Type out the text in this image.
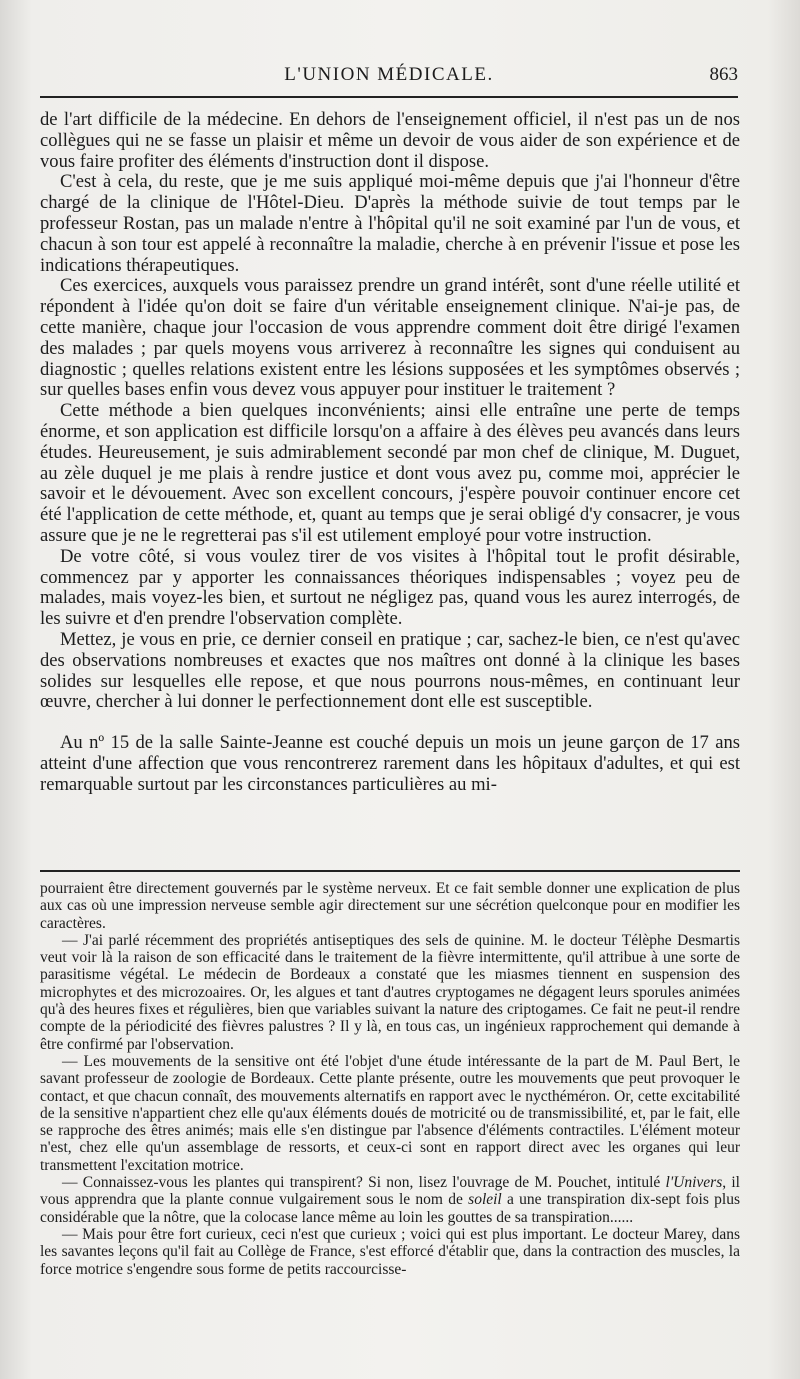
L'UNION MÉDICALE.	863

de l'art difficile de la médecine. En dehors de l'enseignement officiel, il n'est pas un de nos collègues qui ne se fasse un plaisir et même un devoir de vous aider de son expérience et de vous faire profiter des éléments d'instruction dont il dispose.

C'est à cela, du reste, que je me suis appliqué moi-même depuis que j'ai l'honneur d'être chargé de la clinique de l'Hôtel-Dieu. D'après la méthode suivie de tout temps par le professeur Rostan, pas un malade n'entre à l'hôpital qu'il ne soit examiné par l'un de vous, et chacun à son tour est appelé à reconnaître la maladie, cherche à en prévenir l'issue et pose les indications thérapeutiques.

Ces exercices, auxquels vous paraissez prendre un grand intérêt, sont d'une réelle utilité et répondent à l'idée qu'on doit se faire d'un véritable enseignement clinique. N'ai-je pas, de cette manière, chaque jour l'occasion de vous apprendre comment doit être dirigé l'examen des malades ; par quels moyens vous arriverez à reconnaître les signes qui conduisent au diagnostic ; quelles relations existent entre les lésions supposées et les symptômes observés ; sur quelles bases enfin vous devez vous appuyer pour instituer le traitement ?

Cette méthode a bien quelques inconvénients; ainsi elle entraîne une perte de temps énorme, et son application est difficile lorsqu'on a affaire à des élèves peu avancés dans leurs études. Heureusement, je suis admirablement secondé par mon chef de clinique, M. Duguet, au zèle duquel je me plais à rendre justice et dont vous avez pu, comme moi, apprécier le savoir et le dévouement. Avec son excellent concours, j'espère pouvoir continuer encore cet été l'application de cette méthode, et, quant au temps que je serai obligé d'y consacrer, je vous assure que je ne le regretterai pas s'il est utilement employé pour votre instruction.

De votre côté, si vous voulez tirer de vos visites à l'hôpital tout le profit désirable, commencez par y apporter les connaissances théoriques indispensables ; voyez peu de malades, mais voyez-les bien, et surtout ne négligez pas, quand vous les aurez interrogés, de les suivre et d'en prendre l'observation complète.

Mettez, je vous en prie, ce dernier conseil en pratique ; car, sachez-le bien, ce n'est qu'avec des observations nombreuses et exactes que nos maîtres ont donné à la clinique les bases solides sur lesquelles elle repose, et que nous pourrons nous-mêmes, en continuant leur œuvre, chercher à lui donner le perfectionnement dont elle est susceptible.

Au nº 15 de la salle Sainte-Jeanne est couché depuis un mois un jeune garçon de 17 ans atteint d'une affection que vous rencontrerez rarement dans les hôpitaux d'adultes, et qui est remarquable surtout par les circonstances particulières au mi-

pourraient être directement gouvernés par le système nerveux. Et ce fait semble donner une explication de plus aux cas où une impression nerveuse semble agir directement sur une sécrétion quelconque pour en modifier les caractères.

— J'ai parlé récemment des propriétés antiseptiques des sels de quinine. M. le docteur Télèphe Desmartis veut voir là la raison de son efficacité dans le traitement de la fièvre intermittente, qu'il attribue à une sorte de parasitisme végétal. Le médecin de Bordeaux a constaté que les miasmes tiennent en suspension des microphytes et des microzoaires. Or, les algues et tant d'autres cryptogames ne dégagent leurs sporules animées qu'à des heures fixes et régulières, bien que variables suivant la nature des criptogames. Ce fait ne peut-il rendre compte de la périodicité des fièvres palustres ? Il y là, en tous cas, un ingénieux rapprochement qui demande à être confirmé par l'observation.

— Les mouvements de la sensitive ont été l'objet d'une étude intéressante de la part de M. Paul Bert, le savant professeur de zoologie de Bordeaux. Cette plante présente, outre les mouvements que peut provoquer le contact, et que chacun connaît, des mouvements alternatifs en rapport avec le nycthéméron. Or, cette excitabilité de la sensitive n'appartient chez elle qu'aux éléments doués de motricité ou de transmissibilité, et, par le fait, elle se rapproche des êtres animés; mais elle s'en distingue par l'absence d'éléments contractiles. L'élément moteur n'est, chez elle qu'un assemblage de ressorts, et ceux-ci sont en rapport direct avec les organes qui leur transmettent l'excitation motrice.

— Connaissez-vous les plantes qui transpirent? Si non, lisez l'ouvrage de M. Pouchet, intitulé l'Univers, il vous apprendra que la plante connue vulgairement sous le nom de soleil a une transpiration dix-sept fois plus considérable que la nôtre, que la colocase lance même au loin les gouttes de sa transpiration......

— Mais pour être fort curieux, ceci n'est que curieux ; voici qui est plus important. Le docteur Marey, dans les savantes leçons qu'il fait au Collège de France, s'est efforcé d'établir que, dans la contraction des muscles, la force motrice s'engendre sous forme de petits raccourcisse-
